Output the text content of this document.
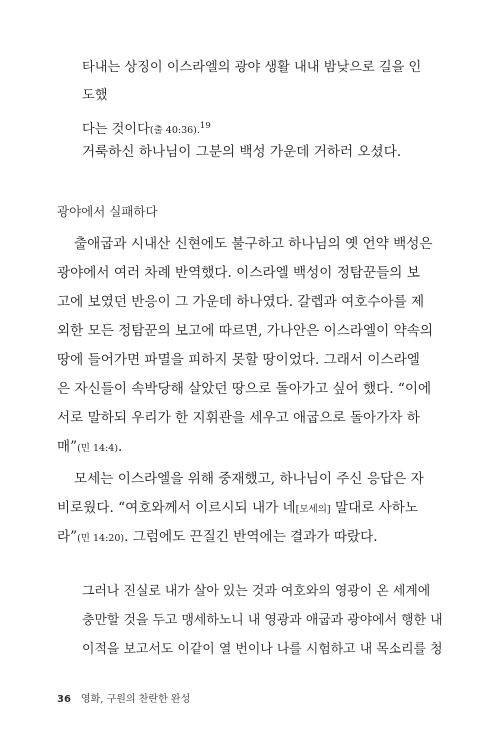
타내는 상징이 이스라엘의 광야 생활 내내 밤낮으로 길을 인도했
다는 것이다(출 40:36).$^{19}$
거룩하신 하나님이 그분의 백성 가운데 거하러 오셨다.
광야에서 실패하다
출애굽과 시내산 신현에도 불구하고 하나님의 옛 언약 백성은
광야에서 여러 차례 반역했다. 이스라엘 백성이 정탐꾼들의 보
고에 보였던 반응이 그 가운데 하나였다. 갈렙과 여호수아를 제
외한 모든 정탐꾼의 보고에 따르면, 가나안은 이스라엘이 약속의
땅에 들어가면 파멸을 피하지 못할 땅이었다. 그래서 이스라엘
은 자신들이 속박당해 살았던 땅으로 돌아가고 싶어 했다. “이에
서로 말하되 우리가 한 지휘관을 세우고 애굽으로 돌아가자 하
매”(민 14:4).
모세는 이스라엘을 위해 중재했고, 하나님이 주신 응답은 자
비로웠다. “여호와께서 이르시되 내가 네[모세의] 말대로 사하노
라”(민 14:20). 그럼에도 끈질긴 반역에는 결과가 따랐다.
그러나 진실로 내가 살아 있는 것과 여호와의 영광이 온 세계에
충만할 것을 두고 맹세하노니 내 영광과 애굽과 광야에서 행한 내
이적을 보고서도 이같이 열 번이나 나를 시험하고 내 목소리를 청
36 영화, 구원의 찬란한 완성
